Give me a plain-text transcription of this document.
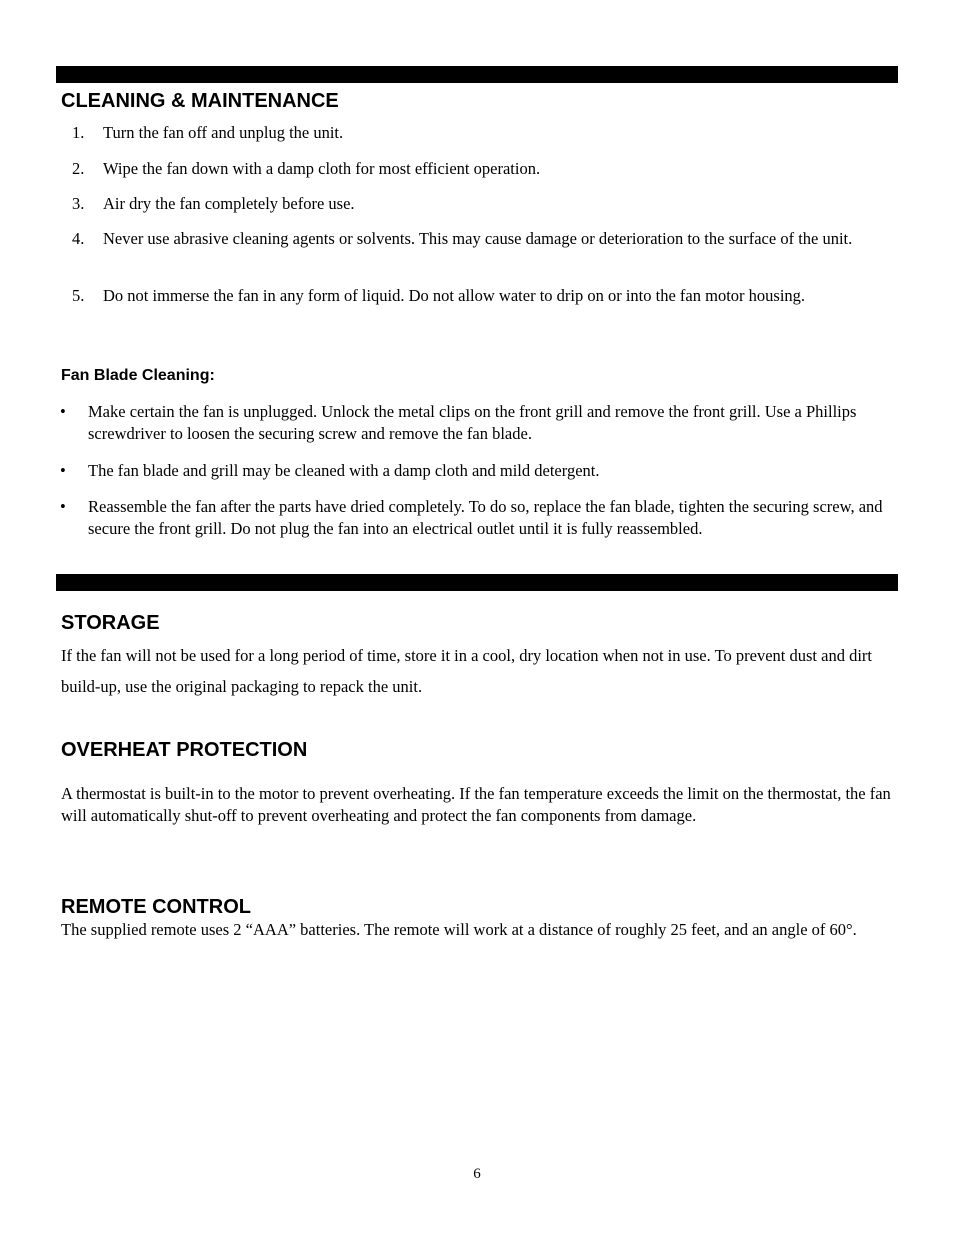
CLEANING & MAINTENANCE
1.	Turn the fan off and unplug the unit.
2.	Wipe the fan down with a damp cloth for most efficient operation.
3.	Air dry the fan completely before use.
4.	Never use abrasive cleaning agents or solvents. This may cause damage or deterioration to the surface of the unit.
5.	Do not immerse the fan in any form of liquid. Do not allow water to drip on or into the fan motor housing.
Fan Blade Cleaning:
•	Make certain the fan is unplugged. Unlock the metal clips on the front grill and remove the front grill. Use a Phillips screwdriver to loosen the securing screw and remove the fan blade.
•	The fan blade and grill may be cleaned with a damp cloth and mild detergent.
•	Reassemble the fan after the parts have dried completely. To do so, replace the fan blade, tighten the securing screw, and secure the front grill. Do not plug the fan into an electrical outlet until it is fully reassembled.
STORAGE

If the fan will not be used for a long period of time, store it in a cool, dry location when not in use. To prevent dust and dirt build-up, use the original packaging to repack the unit.

OVERHEAT PROTECTION

A thermostat is built-in to the motor to prevent overheating. If the fan temperature exceeds the limit on the thermostat, the fan will automatically shut-off to prevent overheating and protect the fan components from damage.

REMOTE CONTROL

The supplied remote uses 2 “AAA” batteries. The remote will work at a distance of roughly 25 feet, and an angle of 60°.

6
